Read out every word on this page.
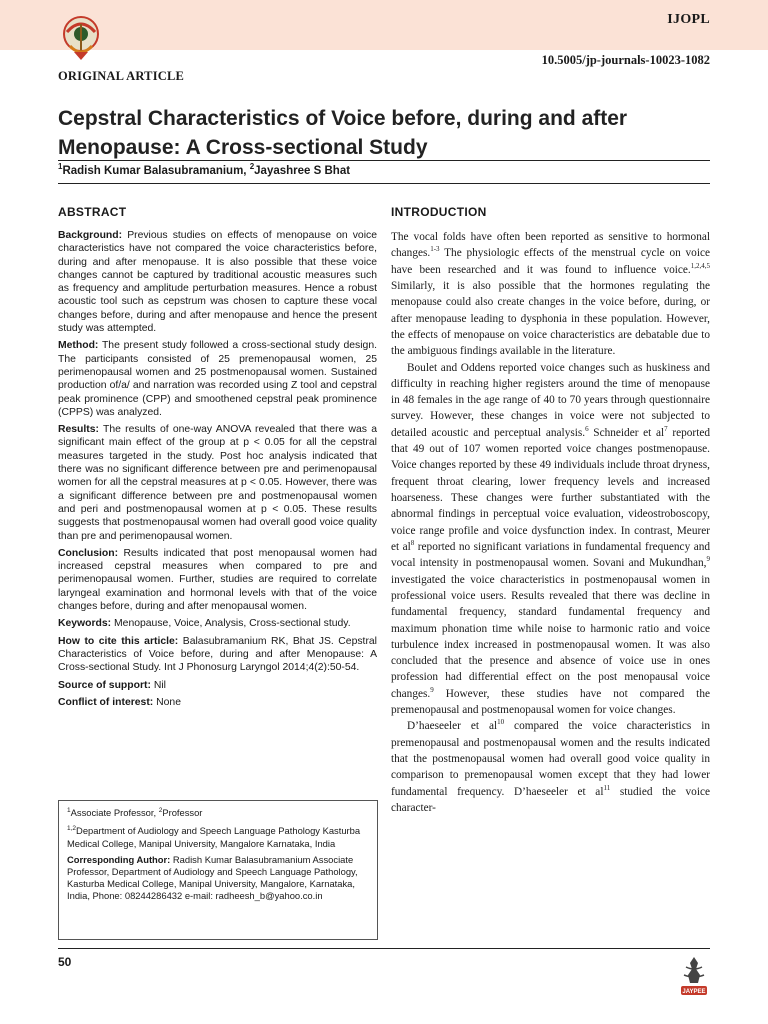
IJOPL
10.5005/jp-journals-10023-1082
ORIGINAL ARTICLE
Cepstral Characteristics of Voice before, during and after Menopause: A Cross-sectional Study
$^1$Radish Kumar Balasubramanium, $^2$Jayashree S Bhat
ABSTRACT

Background: Previous studies on effects of menopause on voice characteristics have not compared the voice characteristics before, during and after menopause. It is also possible that these voice changes cannot be captured by traditional acoustic measures such as frequency and amplitude perturbation measures. Hence a robust acoustic tool such as cepstrum was chosen to capture these vocal changes before, during and after menopause and hence the present study was attempted.

Method: The present study followed a cross-sectional study design. The participants consisted of 25 premenopausal women, 25 perimenopausal women and 25 postmenopausal women. Sustained production of/a/ and narration was recorded using Z tool and cepstral peak prominence (CPP) and smoothened cepstral peak prominence (CPPS) was analyzed.

Results: The results of one-way ANOVA revealed that there was a significant main effect of the group at p < 0.05 for all the cepstral measures targeted in the study. Post hoc analysis indicated that there was no significant difference between pre and perimenopausal women for all the cepstral measures at p < 0.05. However, there was a significant difference between pre and postmenopausal women and peri and postmenopausal women at p < 0.05. These results suggests that postmenopausal women had overall good voice quality than pre and perimenopausal women.

Conclusion: Results indicated that post menopausal women had increased cepstral measures when compared to pre and perimenopausal women. Further, studies are required to correlate laryngeal examination and hormonal levels with that of the voice changes before, during and after menopausal women.

Keywords: Menopause, Voice, Analysis, Cross-sectional study.

How to cite this article: Balasubramanium RK, Bhat JS. Cepstral Characteristics of Voice before, during and after Menopause: A Cross-sectional Study. Int J Phonosurg Laryngol 2014;4(2):50-54.

Source of support: Nil

Conflict of interest: None

$^1$Associate Professor, $^2$Professor

$^{1,2}$Department of Audiology and Speech Language Pathology Kasturba Medical College, Manipal University, Mangalore Karnataka, India

Corresponding Author: Radish Kumar Balasubramanium Associate Professor, Department of Audiology and Speech Language Pathology, Kasturba Medical College, Manipal University, Mangalore, Karnataka, India, Phone: 08244286432 e-mail: radheesh_b@yahoo.co.in

INTRODUCTION

The vocal folds have often been reported as sensitive to hormonal changes.$^{1-3}$ The physiologic effects of the menstrual cycle on voice have been researched and it was found to influence voice.$^{1,2,4,5}$ Similarly, it is also possible that the hormones regulating the menopause could also create changes in the voice before, during, or after menopause leading to dysphonia in these population. However, the effects of menopause on voice characteristics are debatable due to the ambiguous findings available in the literature.

Boulet and Oddens reported voice changes such as huskiness and difficulty in reaching higher registers around the time of menopause in 48 females in the age range of 40 to 70 years through questionnaire survey. However, these changes in voice were not subjected to detailed acoustic and perceptual analysis.$^6$ Schneider et $al^7$ reported that 49 out of 107 women reported voice changes postmenopause. Voice changes reported by these 49 individuals include throat dryness, frequent throat clearing, lower frequency levels and increased hoarseness. These changes were further substantiated with the abnormal findings in perceptual voice evaluation, videostroboscopy, voice range profile and voice dysfunction index. In contrast, Meurer et $al^8$ reported no significant variations in fundamental frequency and vocal intensity in postmenopausal women. Sovani and Mukundhan,$^9$ investigated the voice characteristics in postmenopausal women in professional voice users. Results revealed that there was decline in fundamental frequency, standard fundamental frequency and maximum phonation time while noise to harmonic ratio and voice turbulence index increased in postmenopausal women. It was also concluded that the presence and absence of voice use in ones profession had differential effect on the post menopausal voice changes.$^9$ However, these studies have not compared the premenopausal and postmenopausal women for voice changes.

D’haeseeler et $al^{10}$ compared the voice characteristics in premenopausal and postmenopausal women and the results indicated that the postmenopausal women had overall good voice quality in comparison to premenopausal women except that they had lower fundamental frequency. D’haeseeler et $al^{11}$ studied the voice character-

50
JAYPEE
